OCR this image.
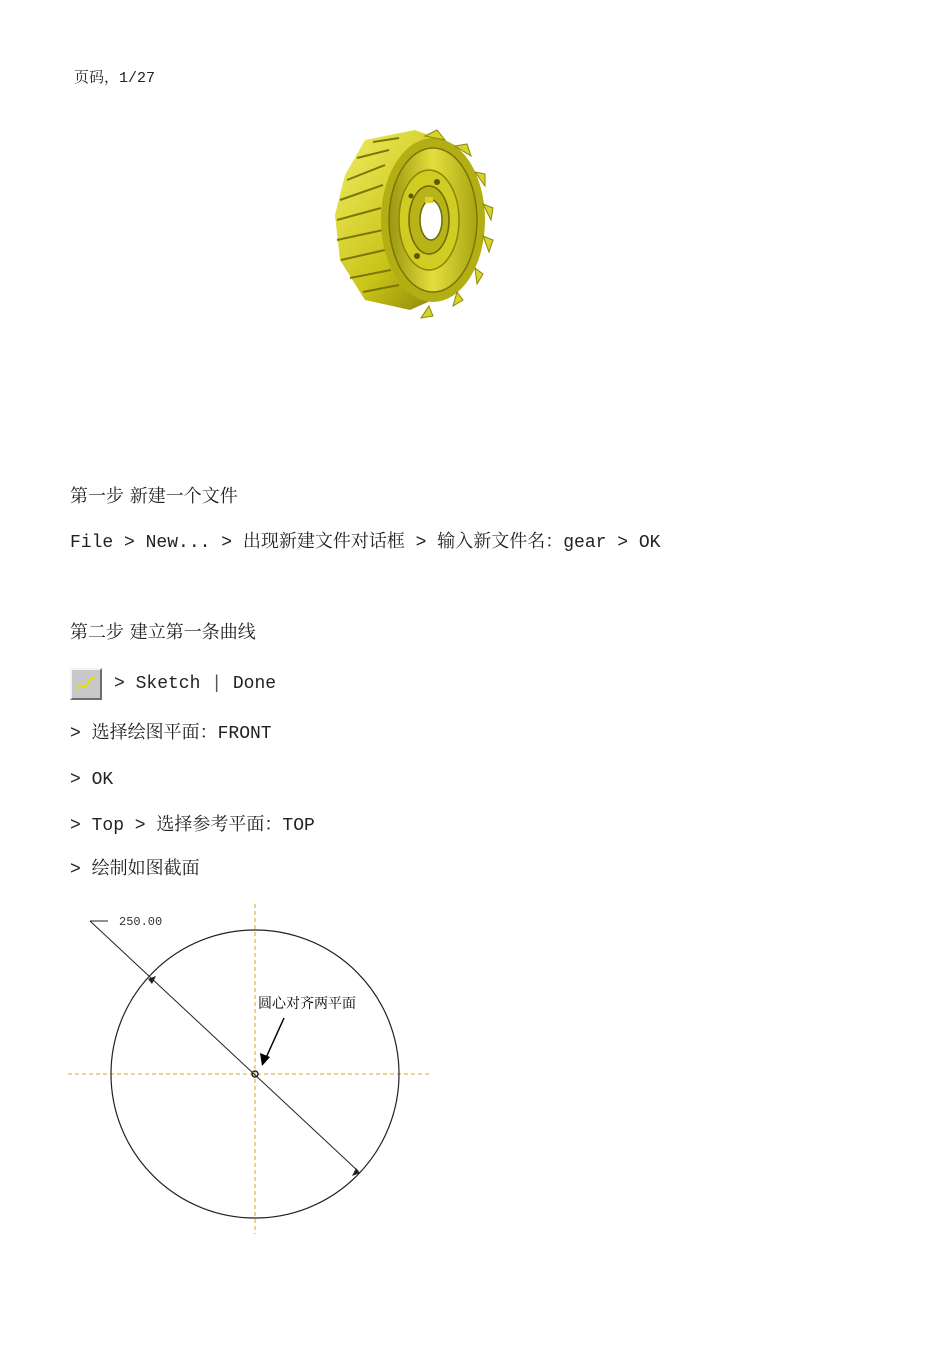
页码，1/27
第一步 新建一个文件
File > New... > 出现新建文件对话框 > 输入新文件名：gear > OK
第二步 建立第一条曲线
> Sketch | Done
> 选择绘图平面：FRONT
> OK
> Top > 选择参考平面：TOP
> 绘制如图截面
250.00
圆心对齐两平面
